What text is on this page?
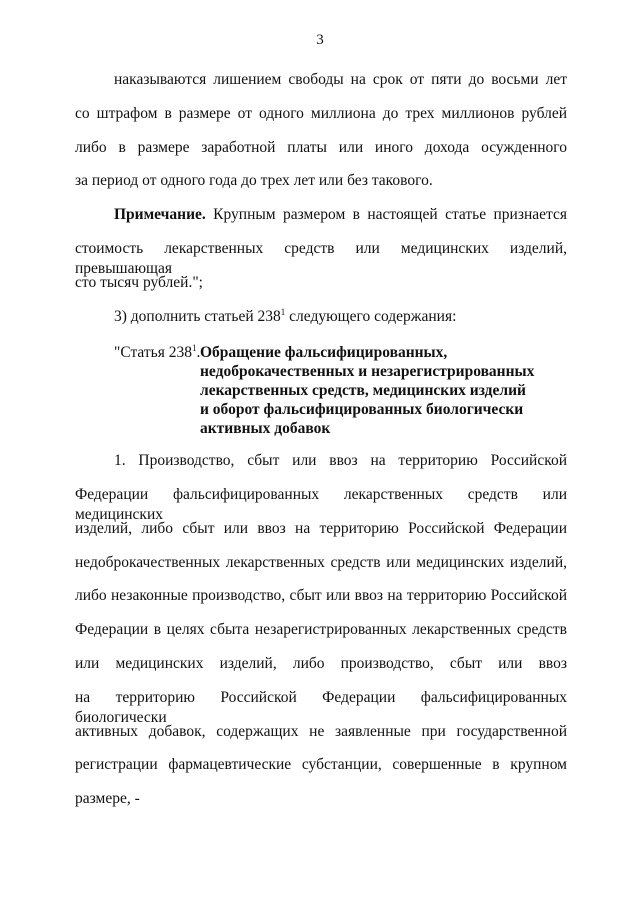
3
наказываются лишением свободы на срок от пяти до восьми лет
со штрафом в размере от одного миллиона до трех миллионов рублей
либо в размере заработной платы или иного дохода осужденного
за период от одного года до трех лет или без такового.
Примечание. Крупным размером в настоящей статье признается
стоимость лекарственных средств или медицинских изделий, превышающая
сто тысяч рублей.";
3) дополнить статьей $238^1$ следующего содержания:
"Статья $238^1$. Обращение фальсифицированных,
недоброкачественных и незарегистрированных
лекарственных средств, медицинских изделий
и оборот фальсифицированных биологически
активных добавок
1. Производство, сбыт или ввоз на территорию Российской
Федерации фальсифицированных лекарственных средств или медицинских
изделий, либо сбыт или ввоз на территорию Российской Федерации
недоброкачественных лекарственных средств или медицинских изделий,
либо незаконные производство, сбыт или ввоз на территорию Российской
Федерации в целях сбыта незарегистрированных лекарственных средств
или медицинских изделий, либо производство, сбыт или ввоз
на территорию Российской Федерации фальсифицированных биологически
активных добавок, содержащих не заявленные при государственной
регистрации фармацевтические субстанции, совершенные в крупном
размере, -
